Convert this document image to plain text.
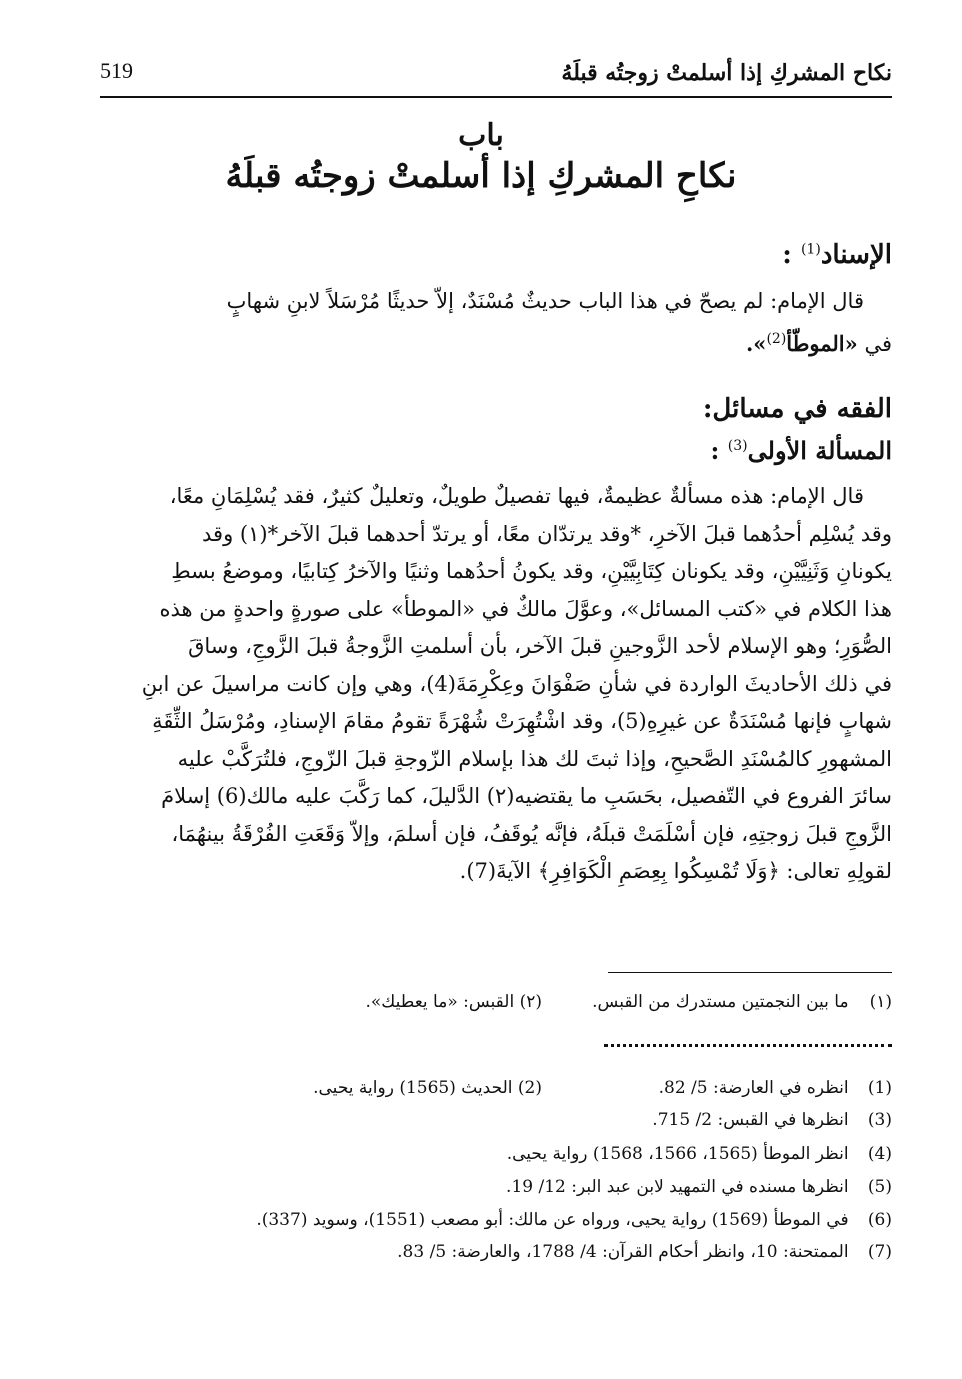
نكاح المشركِ إذا أسلمتْ زوجتُه قبلَهُ
519
باب
نكاحِ المشركِ إذا أسلمتْ زوجتُه قبلَهُ
الإسناد$^{(1)}$ :
قال الإمام: لم يصحّ في هذا الباب حديثٌ مُسْنَدٌ، إلاّ حديثًا مُرْسَلاً لابنِ شهابٍ
في «الموطّأ$^{(2)}$».
الفقه في مسائل:
المسألة الأولى$^{(3)}$ :
قال الإمام: هذه مسألةٌ عظيمةٌ، فيها تفصيلٌ طويلٌ، وتعليلٌ كثيرٌ، فقد يُسْلِمَانِ معًا،
وقد يُسْلِم أحدُهما قبلَ الآخرِ، *وقد يرتدّان معًا، أو يرتدّ أحدهما قبلَ الآخر*(١) وقد
يكونانِ وَثَنِيَّيْنِ، وقد يكونان كِتَابِيَّيْنِ، وقد يكونُ أحدُهما وثنيًا والآخرُ كِتابيًا، وموضعُ بسطِ
هذا الكلام في «كتب المسائل»، وعوَّلَ مالكٌ في «الموطأ» على صورةٍ واحدةٍ من هذه
الصُّوَرِ؛ وهو الإسلام لأحد الزَّوجينِ قبلَ الآخر، بأن أسلمتِ الزَّوجةُ قبلَ الزَّوجِ، وساقَ
في ذلك الأحاديثَ الواردة في شأنِ صَفْوَانَ وعِكْرِمَةَ(4)، وهي وإن كانت مراسيلَ عن ابنِ
شهابٍ فإنها مُسْنَدَةٌ عن غيرِهِ(5)، وقد اشْتُهِرَتْ شُهْرَةً تقومُ مقامَ الإسنادِ، ومُرْسَلُ الثِّقَةِ
المشهورِ كالمُسْنَدِ الصَّحيحِ، وإذا ثبتَ لك هذا بإسلام الزّوجةِ قبلَ الزّوجِ، فلتُرَكَّبْ عليه
سائرَ الفروع في التّفصيل، بحَسَبِ ما يقتضيه(٢) الدَّليلَ، كما رَكَّبَ عليه مالك(6) إسلامَ
الزَّوجِ قبلَ زوجتِهِ، فإن أسْلَمَتْ قبلَهُ، فإنَّه يُوقَفُ، فإن أسلمَ، وإلاّ وَقَعَتِ الفُرْقَةُ بينهُمَا،
لقولِهِ تعالى: ﴿وَلَا تُمْسِكُوا بِعِصَمِ الْكَوَافِرِ﴾ الآيةَ(7).
(١) ما بين النجمتين مستدرك من القبس.
(٢) القبس: «ما يعطيك».
(1) انظره في العارضة: 5/ 82.
(2) الحديث (1565) رواية يحيى.
(3) انظرها في القبس: 2/ 715.
(4) انظر الموطأ (1565، 1566، 1568) رواية يحيى.
(5) انظرها مسنده في التمهيد لابن عبد البر: 12/ 19.
(6) في الموطأ (1569) رواية يحيى، ورواه عن مالك: أبو مصعب (1551)، وسويد (337).
(7) الممتحنة: 10، وانظر أحكام القرآن: 4/ 1788، والعارضة: 5/ 83.
